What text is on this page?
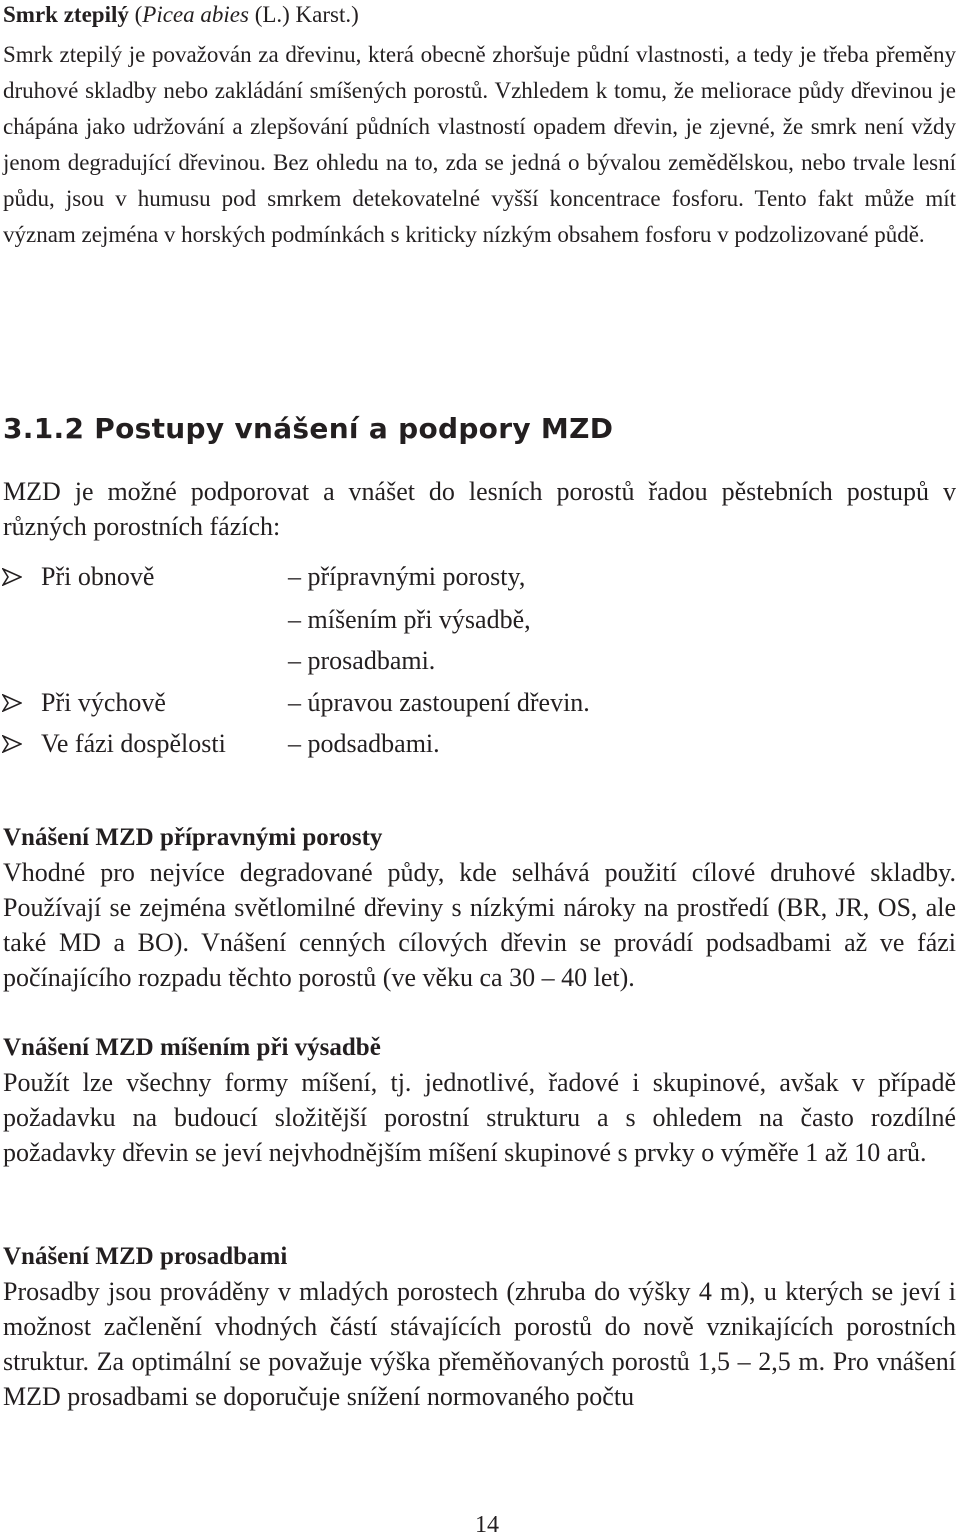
Smrk ztepilý (Picea abies (L.) Karst.)

Smrk ztepilý je považován za dřevinu, která obecně zhoršuje půdní vlastnosti, a tedy je třeba přeměny druhové skladby nebo zakládání smíšených porostů. Vzhledem k tomu, že meliorace půdy dřevinou je chápána jako udržování a zlepšování půdních vlastností opadem dřevin, je zjevné, že smrk není vždy jenom degradující dřevinou. Bez ohledu na to, zda se jedná o bývalou zemědělskou, nebo trvale lesní půdu, jsou v humusu pod smrkem detekovatelné vyšší koncentrace fosforu. Tento fakt může mít význam zejména v horských podmínkách s kriticky nízkým obsahem fosforu v podzolizované půdě.

3.1.2 Postupy vnášení a podpory MZD

MZD je možné podporovat a vnášet do lesních porostů řadou pěstebních postupů v různých porostních fázích:

Při obnově	– přípravnými porosty,
– míšením při výsadbě,
– prosadbami.
Při výchově	– úpravou zastoupení dřevin.
Ve fázi dospělosti – podsadbami.
Vnášení MZD přípravnými porosty

Vhodné pro nejvíce degradované půdy, kde selhává použití cílové druhové skladby. Používají se zejména světlomilné dřeviny s nízkými nároky na prostředí (BR, JR, OS, ale také MD a BO). Vnášení cenných cílových dřevin se provádí podsadbami až ve fázi počínajícího rozpadu těchto porostů (ve věku ca 30 – 40 let).

Vnášení MZD míšením při výsadbě

Použít lze všechny formy míšení, tj. jednotlivé, řadové i skupinové, avšak v případě požadavku na budoucí složitější porostní strukturu a s ohledem na často rozdílné požadavky dřevin se jeví nejvhodnějším míšení skupinové s prvky o výměře 1 až 10 arů.

Vnášení MZD prosadbami

Prosadby jsou prováděny v mladých porostech (zhruba do výšky 4 m), u kterých se jeví i možnost začlenění vhodných částí stávajících porostů do nově vznikajících porostních struktur. Za optimální se považuje výška přeměňovaných porostů 1,5 – 2,5 m. Pro vnášení MZD prosadbami se doporučuje snížení normovaného počtu

14
